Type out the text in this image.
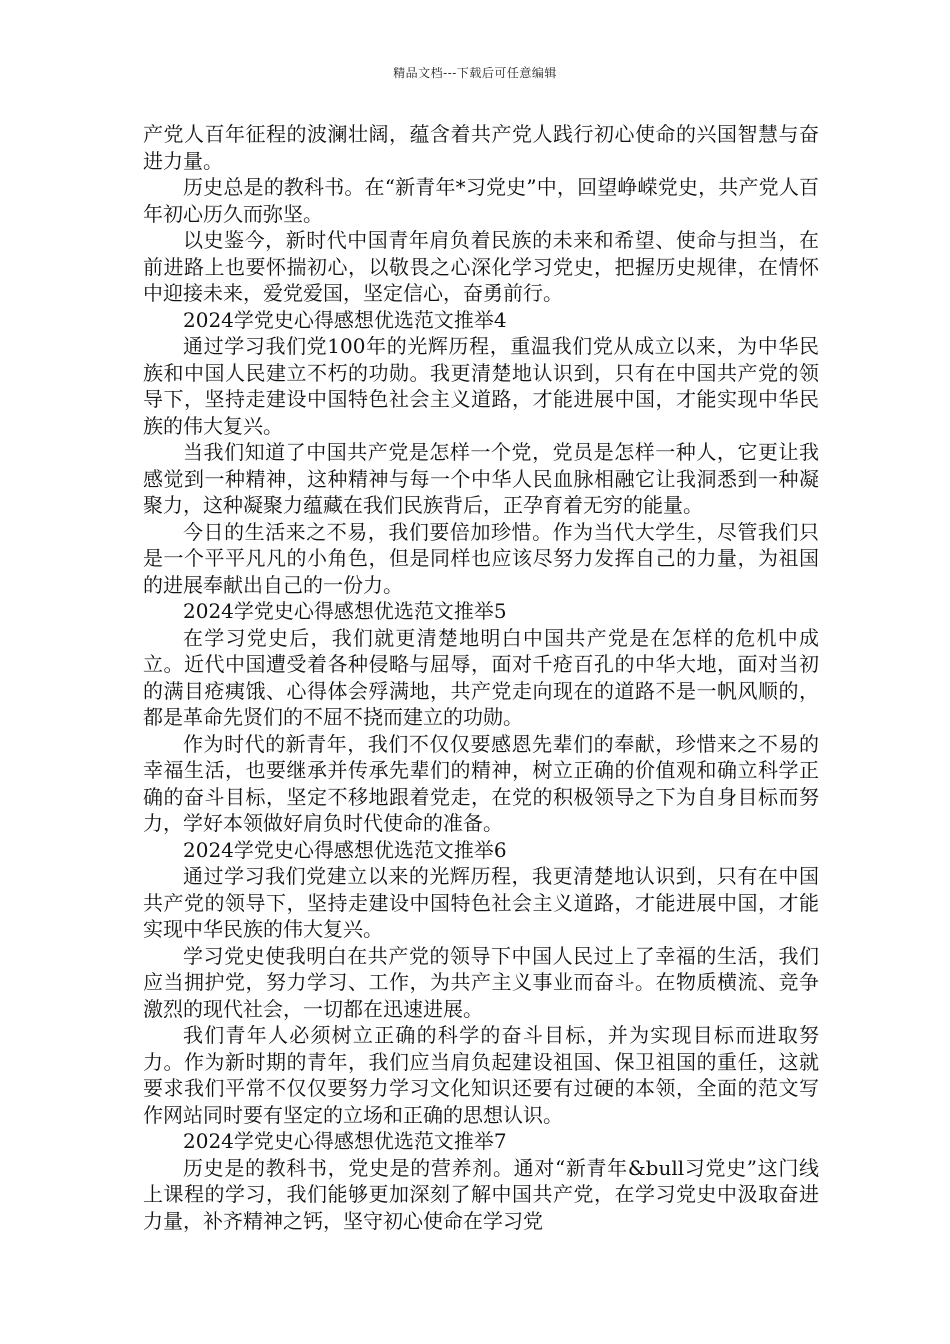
精品文档---下载后可任意编辑

产党人百年征程的波澜壮阔，蕴含着共产党人践行初心使命的兴国智慧与奋进力量。

历史总是的教科书。在“新青年*习党史”中，回望峥嵘党史，共产党人百年初心历久而弥坚。

以史鉴今，新时代中国青年肩负着民族的未来和希望、使命与担当，在前进路上也要怀揣初心，以敬畏之心深化学习党史，把握历史规律，在情怀中迎接未来，爱党爱国，坚定信心，奋勇前行。

2024学党史心得感想优选范文推举4

通过学习我们党100年的光辉历程，重温我们党从成立以来，为中华民族和中国人民建立不朽的功勋。我更清楚地认识到，只有在中国共产党的领导下，坚持走建设中国特色社会主义道路，才能进展中国，才能实现中华民族的伟大复兴。

当我们知道了中国共产党是怎样一个党，党员是怎样一种人，它更让我感觉到一种精神，这种精神与每一个中华人民血脉相融它让我洞悉到一种凝聚力，这种凝聚力蕴藏在我们民族背后，正孕育着无穷的能量。

今日的生活来之不易，我们要倍加珍惜。作为当代大学生，尽管我们只是一个平平凡凡的小角色，但是同样也应该尽努力发挥自己的力量，为祖国的进展奉献出自己的一份力。

2024学党史心得感想优选范文推举5

在学习党史后，我们就更清楚地明白中国共产党是在怎样的危机中成立。近代中国遭受着各种侵略与屈辱，面对千疮百孔的中华大地，面对当初的满目疮痍饿、心得体会殍满地，共产党走向现在的道路不是一帆风顺的，都是革命先贤们的不屈不挠而建立的功勋。

作为时代的新青年，我们不仅仅要感恩先辈们的奉献，珍惜来之不易的幸福生活，也要继承并传承先辈们的精神，树立正确的价值观和确立科学正确的奋斗目标，坚定不移地跟着党走，在党的积极领导之下为自身目标而努力，学好本领做好肩负时代使命的准备。

2024学党史心得感想优选范文推举6

通过学习我们党建立以来的光辉历程，我更清楚地认识到，只有在中国共产党的领导下，坚持走建设中国特色社会主义道路，才能进展中国，才能实现中华民族的伟大复兴。

学习党史使我明白在共产党的领导下中国人民过上了幸福的生活，我们应当拥护党，努力学习、工作，为共产主义事业而奋斗。在物质横流、竞争激烈的现代社会，一切都在迅速进展。

我们青年人必须树立正确的科学的奋斗目标，并为实现目标而进取努力。作为新时期的青年，我们应当肩负起建设祖国、保卫祖国的重任，这就要求我们平常不仅仅要努力学习文化知识还要有过硬的本领，全面的范文写作网站同时要有坚定的立场和正确的思想认识。

2024学党史心得感想优选范文推举7

历史是的教科书，党史是的营养剂。通对“新青年&bull习党史”这门线上课程的学习，我们能够更加深刻了解中国共产党，在学习党史中汲取奋进力量，补齐精神之钙，坚守初心使命在学习党
